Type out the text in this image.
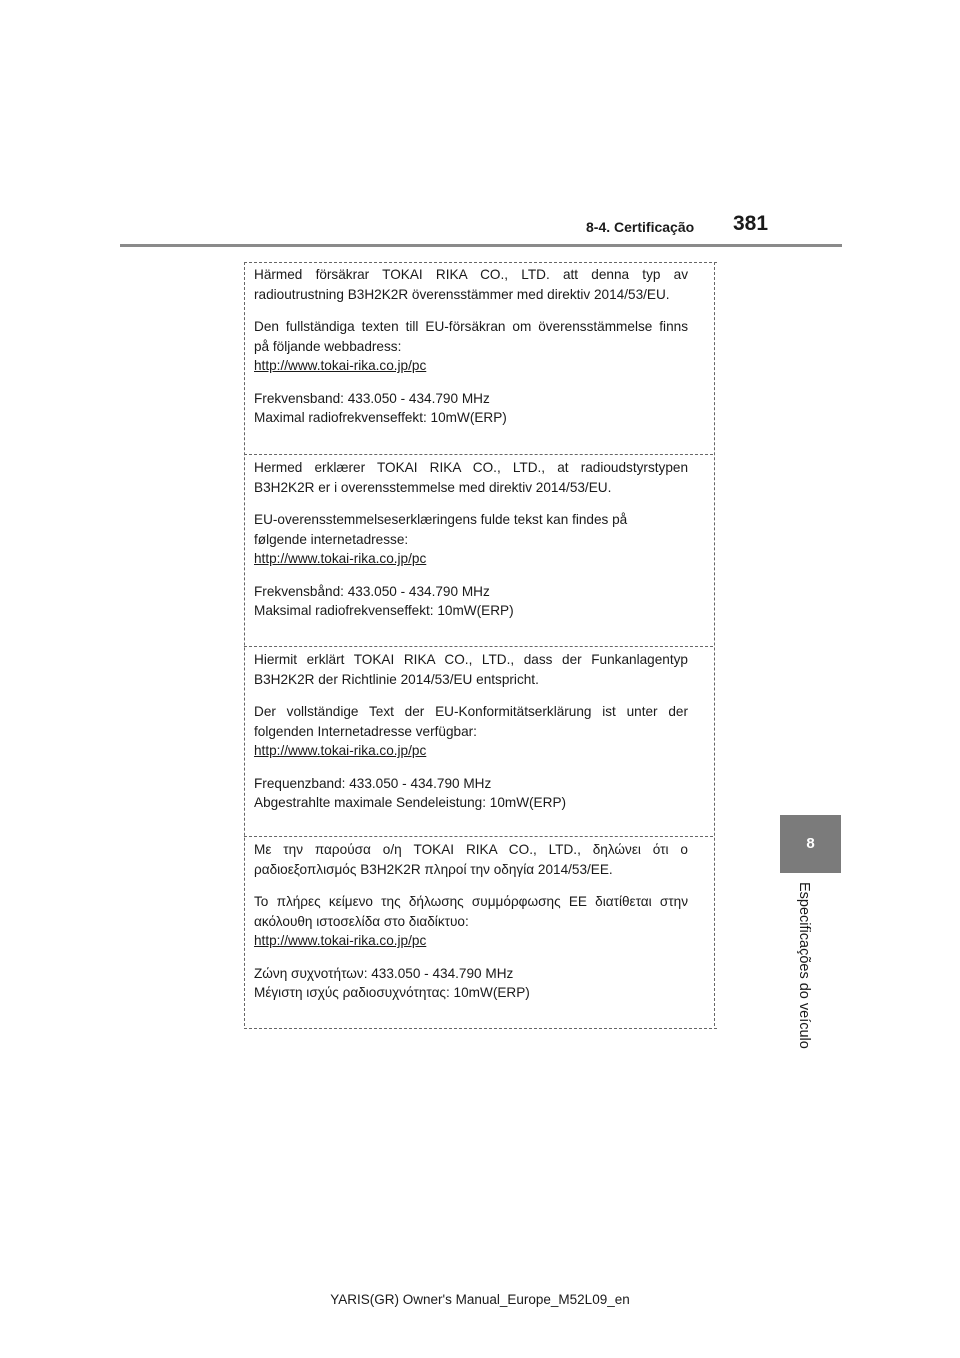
8-4. Certificação 381
8
Especificações do veículo

Härmed försäkrar TOKAI RIKA CO., LTD. att denna typ av

radioutrustning B3H2K2R överensstämmer med direktiv 2014/53/EU.

Den fullständiga texten till EU-försäkran om överensstämmelse finns

på följande webbadress:

http://www.tokai-rika.co.jp/pc

Frekvensband: 433.050 - 434.790 MHz

Maximal radiofrekvenseffekt: 10mW(ERP)

Hermed erklærer TOKAI RIKA CO., LTD., at radioudstyrstypen

B3H2K2R er i overensstemmelse med direktiv 2014/53/EU.

EU-overensstemmelseserklæringens fulde tekst kan findes på

følgende internetadresse:

http://www.tokai-rika.co.jp/pc

Frekvensbånd: 433.050 - 434.790 MHz

Maksimal radiofrekvenseffekt: 10mW(ERP)

Hiermit erklärt TOKAI RIKA CO., LTD., dass der Funkanlagentyp

B3H2K2R der Richtlinie 2014/53/EU entspricht.

Der vollständige Text der EU-Konformitätserklärung ist unter der

folgenden Internetadresse verfügbar:

http://www.tokai-rika.co.jp/pc

Frequenzband: 433.050 - 434.790 MHz

Abgestrahlte maximale Sendeleistung: 10mW(ERP)

Με την παρούσα ο/η TOKAI RIKA CO., LTD., δηλώνει ότι ο

ραδιοεξοπλισμός B3H2K2R πληροί την οδηγία 2014/53/ΕΕ.

Το πλήρες κείμενο της δήλωσης συμμόρφωσης ΕΕ διατίθεται στην

ακόλουθη ιστοσελίδα στο διαδίκτυο:

http://www.tokai-rika.co.jp/pc

Ζώνη συχνοτήτων: 433.050 - 434.790 MHz

Μέγιστη ισχύς ραδιοσυχνότητας: 10mW(ERP)

YARIS(GR) Owner's Manual_Europe_M52L09_en
